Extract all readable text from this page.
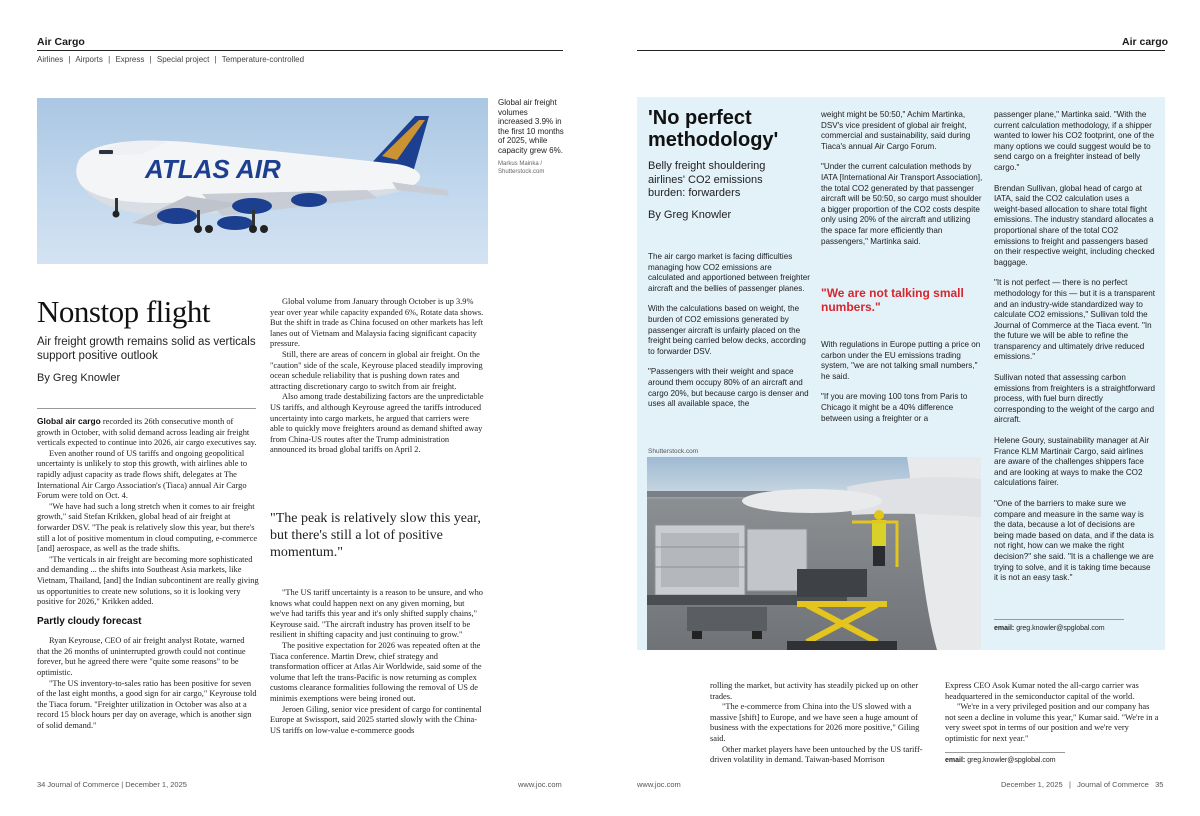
Air Cargo
Airlines | Airports | Express | Special project | Temperature-controlled
ATLAS AIR
Global air freight volumes increased 3.9% in the first 10 months of 2025, while capacity grew 6%.
Markus Mainka / Shutterstock.com
Nonstop flight
Air freight growth remains solid as verticals support positive outlook
By Greg Knowler

Global air cargo recorded its 26th consecutive month of growth in October, with solid demand across leading air freight verticals expected to continue into 2026, air cargo executives say.

Even another round of US tariffs and ongoing geopolitical uncertainty is unlikely to stop this growth, with airlines able to rapidly adjust capacity as trade flows shift, delegates at The International Air Cargo Association's (Tiaca) annual Air Cargo Forum were told on Oct. 4.

"We have had such a long stretch when it comes to air freight growth," said Stefan Krikken, global head of air freight at forwarder DSV. "The peak is relatively slow this year, but there's still a lot of positive momentum in cloud computing, e-commerce [and] aerospace, as well as the trade shifts.

"The verticals in air freight are becoming more sophisticated and demanding ... the shifts into Southeast Asia markets, like Vietnam, Thailand, [and] the Indian subcontinent are really giving us opportunities to create new solutions, so it is looking very positive for 2026," Krikken added.

Partly cloudy forecast

Ryan Keyrouse, CEO of air freight analyst Rotate, warned that the 26 months of uninterrupted growth could not continue forever, but he agreed there were "quite some reasons" to be optimistic.

"The US inventory-to-sales ratio has been positive for seven of the last eight months, a good sign for air cargo," Keyrouse told the Tiaca forum. "Freighter utilization in October was also at a record 15 block hours per day on average, which is another sign of solid demand."

Global volume from January through October is up 3.9% year over year while capacity expanded 6%, Rotate data shows. But the shift in trade as China focused on other markets has left lanes out of Vietnam and Malaysia facing significant capacity pressure.

Still, there are areas of concern in global air freight. On the "caution" side of the scale, Keyrouse placed steadily improving ocean schedule reliability that is pushing down rates and attracting discretionary cargo to switch from air freight.

Also among trade destabilizing factors are the unpredictable US tariffs, and although Keyrouse agreed the tariffs introduced uncertainty into cargo markets, he argued that carriers were able to quickly move freighters around as demand shifted away from China-US routes after the Trump administration announced its broad global tariffs on April 2.

"The peak is relatively slow this year, but there's still a lot of positive momentum."

"The US tariff uncertainty is a reason to be unsure, and who knows what could happen next on any given morning, but we've had tariffs this year and it's only shifted supply chains," Keyrouse said. "The aircraft industry has proven itself to be resilient in shifting capacity and just continuing to grow."

The positive expectation for 2026 was repeated often at the Tiaca conference. Martin Drew, chief strategy and transformation officer at Atlas Air Worldwide, said some of the volume that left the trans-Pacific is now returning as complex customs clearance formalities following the removal of US de minimis exemptions were being ironed out.

Jeroen Giling, senior vice president of cargo for continental Europe at Swissport, said 2025 started slowly with the China-US tariffs on low-value e-commerce goods

34 Journal of Commerce | December 1, 2025	www.joc.com
Air cargo
'No perfect methodology'
Belly freight shouldering airlines' CO2 emissions burden: forwarders
By Greg Knowler

The air cargo market is facing difficulties managing how CO2 emissions are calculated and apportioned between freighter aircraft and the bellies of passenger planes.

With the calculations based on weight, the burden of CO2 emissions generated by passenger aircraft is unfairly placed on the freight being carried below decks, according to forwarder DSV.

"Passengers with their weight and space around them occupy 80% of an aircraft and cargo 20%, but because cargo is denser and uses all available space, the

weight might be 50:50," Achim Martinka, DSV's vice president of global air freight, commercial and sustainability, said during Tiaca's annual Air Cargo Forum.

"Under the current calculation methods by IATA [International Air Transport Association], the total CO2 generated by that passenger aircraft will be 50:50, so cargo must shoulder a bigger proportion of the CO2 costs despite only using 20% of the aircraft and utilizing the space far more efficiently than passengers," Martinka said.

"We are not talking small numbers."

With regulations in Europe putting a price on carbon under the EU emissions trading system, "we are not talking small numbers," he said.

"If you are moving 100 tons from Paris to Chicago it might be a 40% difference between using a freighter or a

passenger plane," Martinka said. "With the current calculation methodology, if a shipper wanted to lower his CO2 footprint, one of the many options we could suggest would be to send cargo on a freighter instead of belly cargo."

Brendan Sullivan, global head of cargo at IATA, said the CO2 calculation uses a weight-based allocation to share total flight emissions. The industry standard allocates a proportional share of the total CO2 emissions to freight and passengers based on their respective weight, including checked baggage.

"It is not perfect — there is no perfect methodology for this — but it is a transparent and an industry-wide standardized way to calculate CO2 emissions," Sullivan told the Journal of Commerce at the Tiaca event. "In the future we will be able to refine the transparency and ultimately drive reduced emissions."

Sullivan noted that assessing carbon emissions from freighters is a straightforward process, with fuel burn directly corresponding to the weight of the cargo and aircraft.

Helene Goury, sustainability manager at Air France KLM Martinair Cargo, said airlines are aware of the challenges shippers face and are looking at ways to make the CO2 calculations fairer.

"One of the barriers to make sure we compare and measure in the same way is the data, because a lot of decisions are being made based on data, and if the data is not right, how can we make the right decision?" she said. "It is a challenge we are trying to solve, and it is taking time because it is not an easy task."

email: greg.knowler@spglobal.com
Shutterstock.com

rolling the market, but activity has steadily picked up on other trades.

"The e-commerce from China into the US slowed with a massive [shift] to Europe, and we have seen a huge amount of business with the expectations for 2026 more positive," Giling said.

Other market players have been untouched by the US tariff-driven volatility in demand. Taiwan-based Morrison

Express CEO Asok Kumar noted the all-cargo carrier was headquartered in the semiconductor capital of the world.

"We're in a very privileged position and our company has not seen a decline in volume this year," Kumar said. "We're in a very sweet spot in terms of our position and we're very optimistic for next year."

email: greg.knowler@spglobal.com
www.joc.com	December 1, 2025   |   Journal of Commerce   35
